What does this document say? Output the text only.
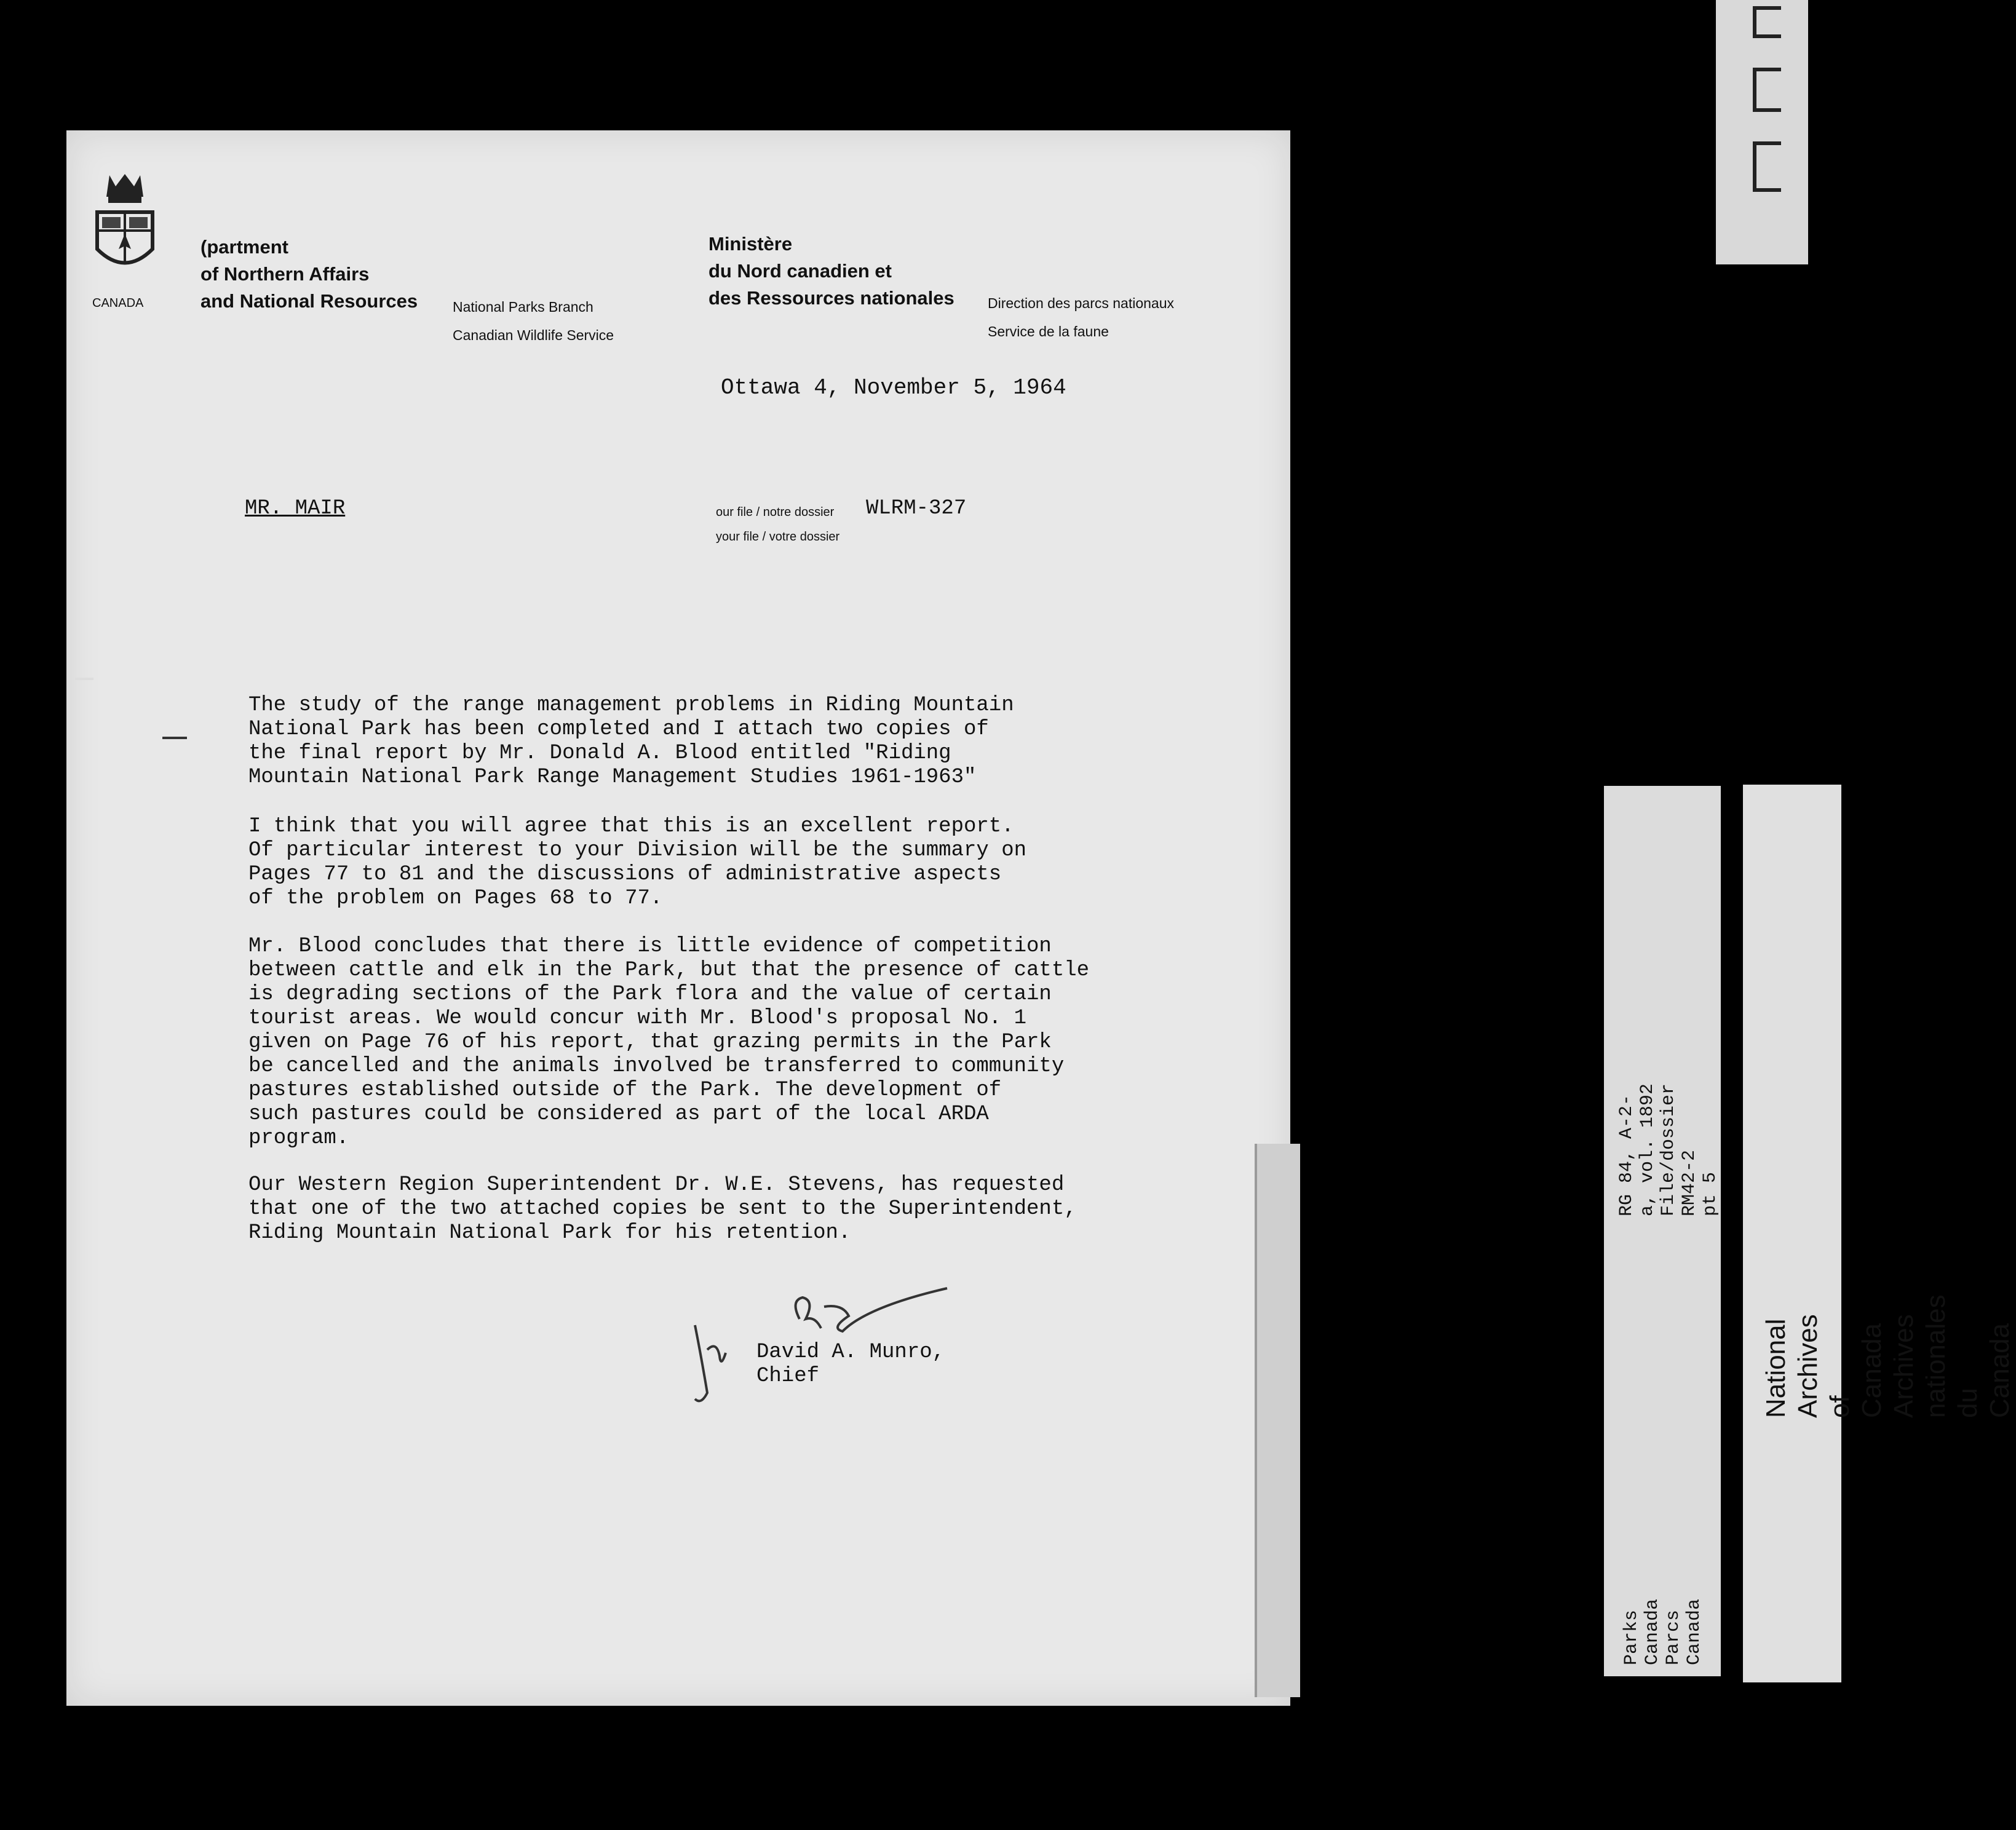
CANADA
(partment
of Northern Affairs
and National Resources National Parks Branch
Canadian Wildlife Service
Ministère
du Nord canadien et
des Ressources nationales Direction des parcs nationaux
Service de la faune
Ottawa 4, November 5, 1964
MR. MAIR	our file / notre dossier WLRM-327
your file / votre dossier

The study of the range management problems in Riding Mountain
National Park has been completed and I attach two copies of
the final report by Mr. Donald A. Blood entitled "Riding
Mountain National Park Range Management Studies 1961-1963"

I think that you will agree that this is an excellent report.
Of particular interest to your Division will be the summary on
Pages 77 to 81 and the discussions of administrative aspects
of the problem on Pages 68 to 77.

Mr. Blood concludes that there is little evidence of competition
between cattle and elk in the Park, but that the presence of cattle
is degrading sections of the Park flora and the value of certain
tourist areas. We would concur with Mr. Blood's proposal No. 1
given on Page 76 of his report, that grazing permits in the Park
be cancelled and the animals involved be transferred to community
pastures established outside of the Park. The development of
such pastures could be considered as part of the local ARDA
program.

Our Western Region Superintendent Dr. W.E. Stevens, has requested
that one of the two attached copies be sent to the Superintendent,
Riding Mountain National Park for his retention.

David A. Munro,
Chief
RG 84, A-2-a, vol. 1892
File/dossier RM42-2
pt 5
Parks Canada
Parcs Canada
National Archives of Canada
Archives nationales du Canada
